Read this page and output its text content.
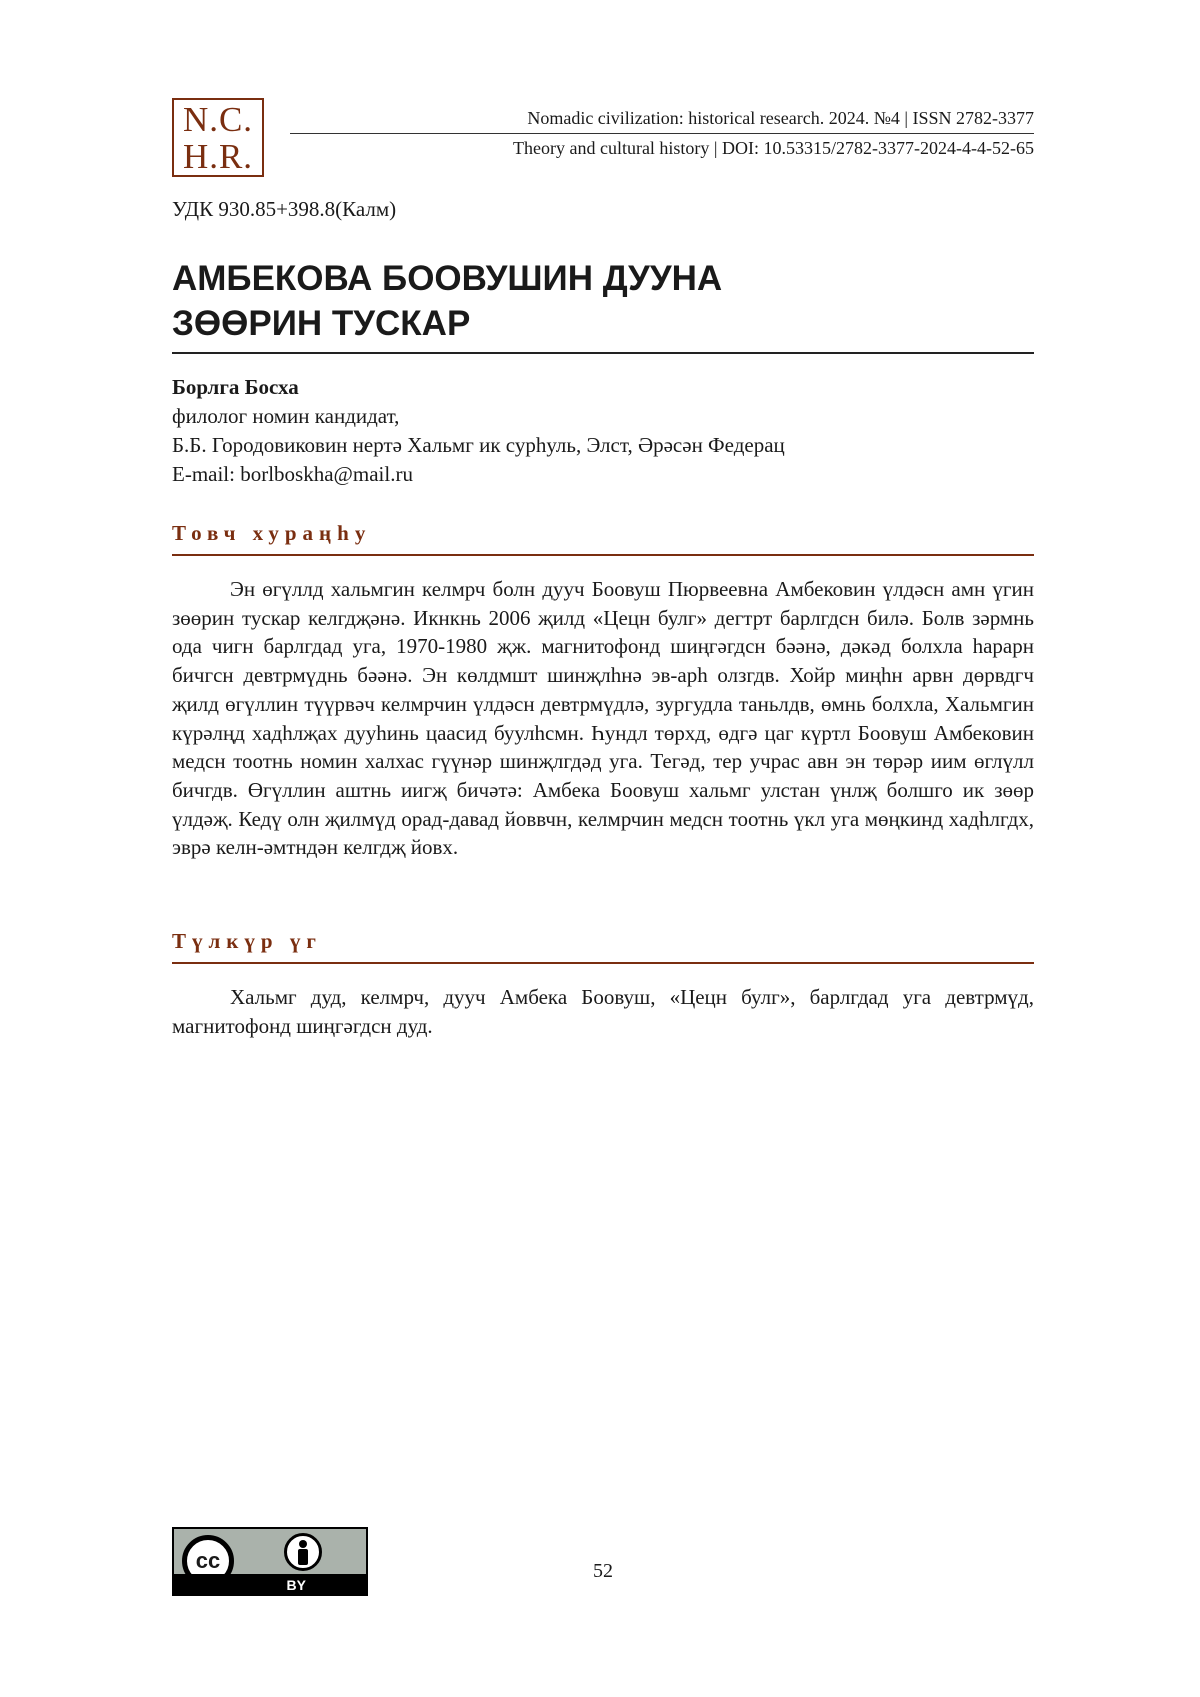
N.C.
H.R.
Nomadic civilization: historical research. 2024. №4 | ISSN 2782-3377
Theory and cultural history | DOI: 10.53315/2782-3377-2024-4-4-52-65
УДК 930.85+398.8(Калм)
АМБЕКОВА БООВУШИН ДУУНА
ЗӨӨРИН ТУСКАР
Борлга Босха
филолог номин кандидат,
Б.Б. Городовиковин нертә Хальмг ик сурһуль, Элст, Әрәсән Федерац
E-mail: borlboskha@mail.ru
Товч хураңһу

Эн өгүллд хальмгин келмрч болн дууч Боовуш Пюрвеевна Амбековин үлдәсн амн үгин зөөрин тускар келгдҗәнә. Икнкнь 2006 җилд «Цецн булг» дегтрт барлгдсн билә. Болв зәрмнь ода чигн барлгдад уга, 1970-1980 җж. магнитофонд шиңгәгдсн бәәнә, дәкәд болхла һарарн бичгсн девтрмүднь бәәнә. Эн көлдмшт шинҗлһнә эв-арһ олзгдв. Хойр миңһн арвн дөрвдгч җилд өгүллин түүрвәч келмрчин үлдәсн девтрмүдлә, зургудла таньлдв, өмнь болхла, Хальмгин күрәлңд хадһлҗах дууһинь цаасид буулһсмн. Һундл төрхд, өдгә цаг күртл Боовуш Амбековин медсн тоотнь номин халхас гүүнәр шинҗлгдәд уга. Тегәд, тер учрас авн эн төрәр иим өглүлл бичгдв. Өгүллин аштнь иигҗ бичәтә: Амбека Боовуш хальмг улстан үнлҗ болшго ик зөөр үлдәҗ. Кедү олн җилмүд орад-давад йоввчн, келмрчин медсн тоотнь үкл уга мөңкинд хадһлгдх, эврә келн-әмтндән келгдҗ йовх.

Түлкүр үг

Хальмг дуд, келмрч, дууч Амбека Боовуш, «Цецн булг», барлгдад уга девтрмүд, магнитофонд шиңгәгдсн дуд.

cc
BY
52
